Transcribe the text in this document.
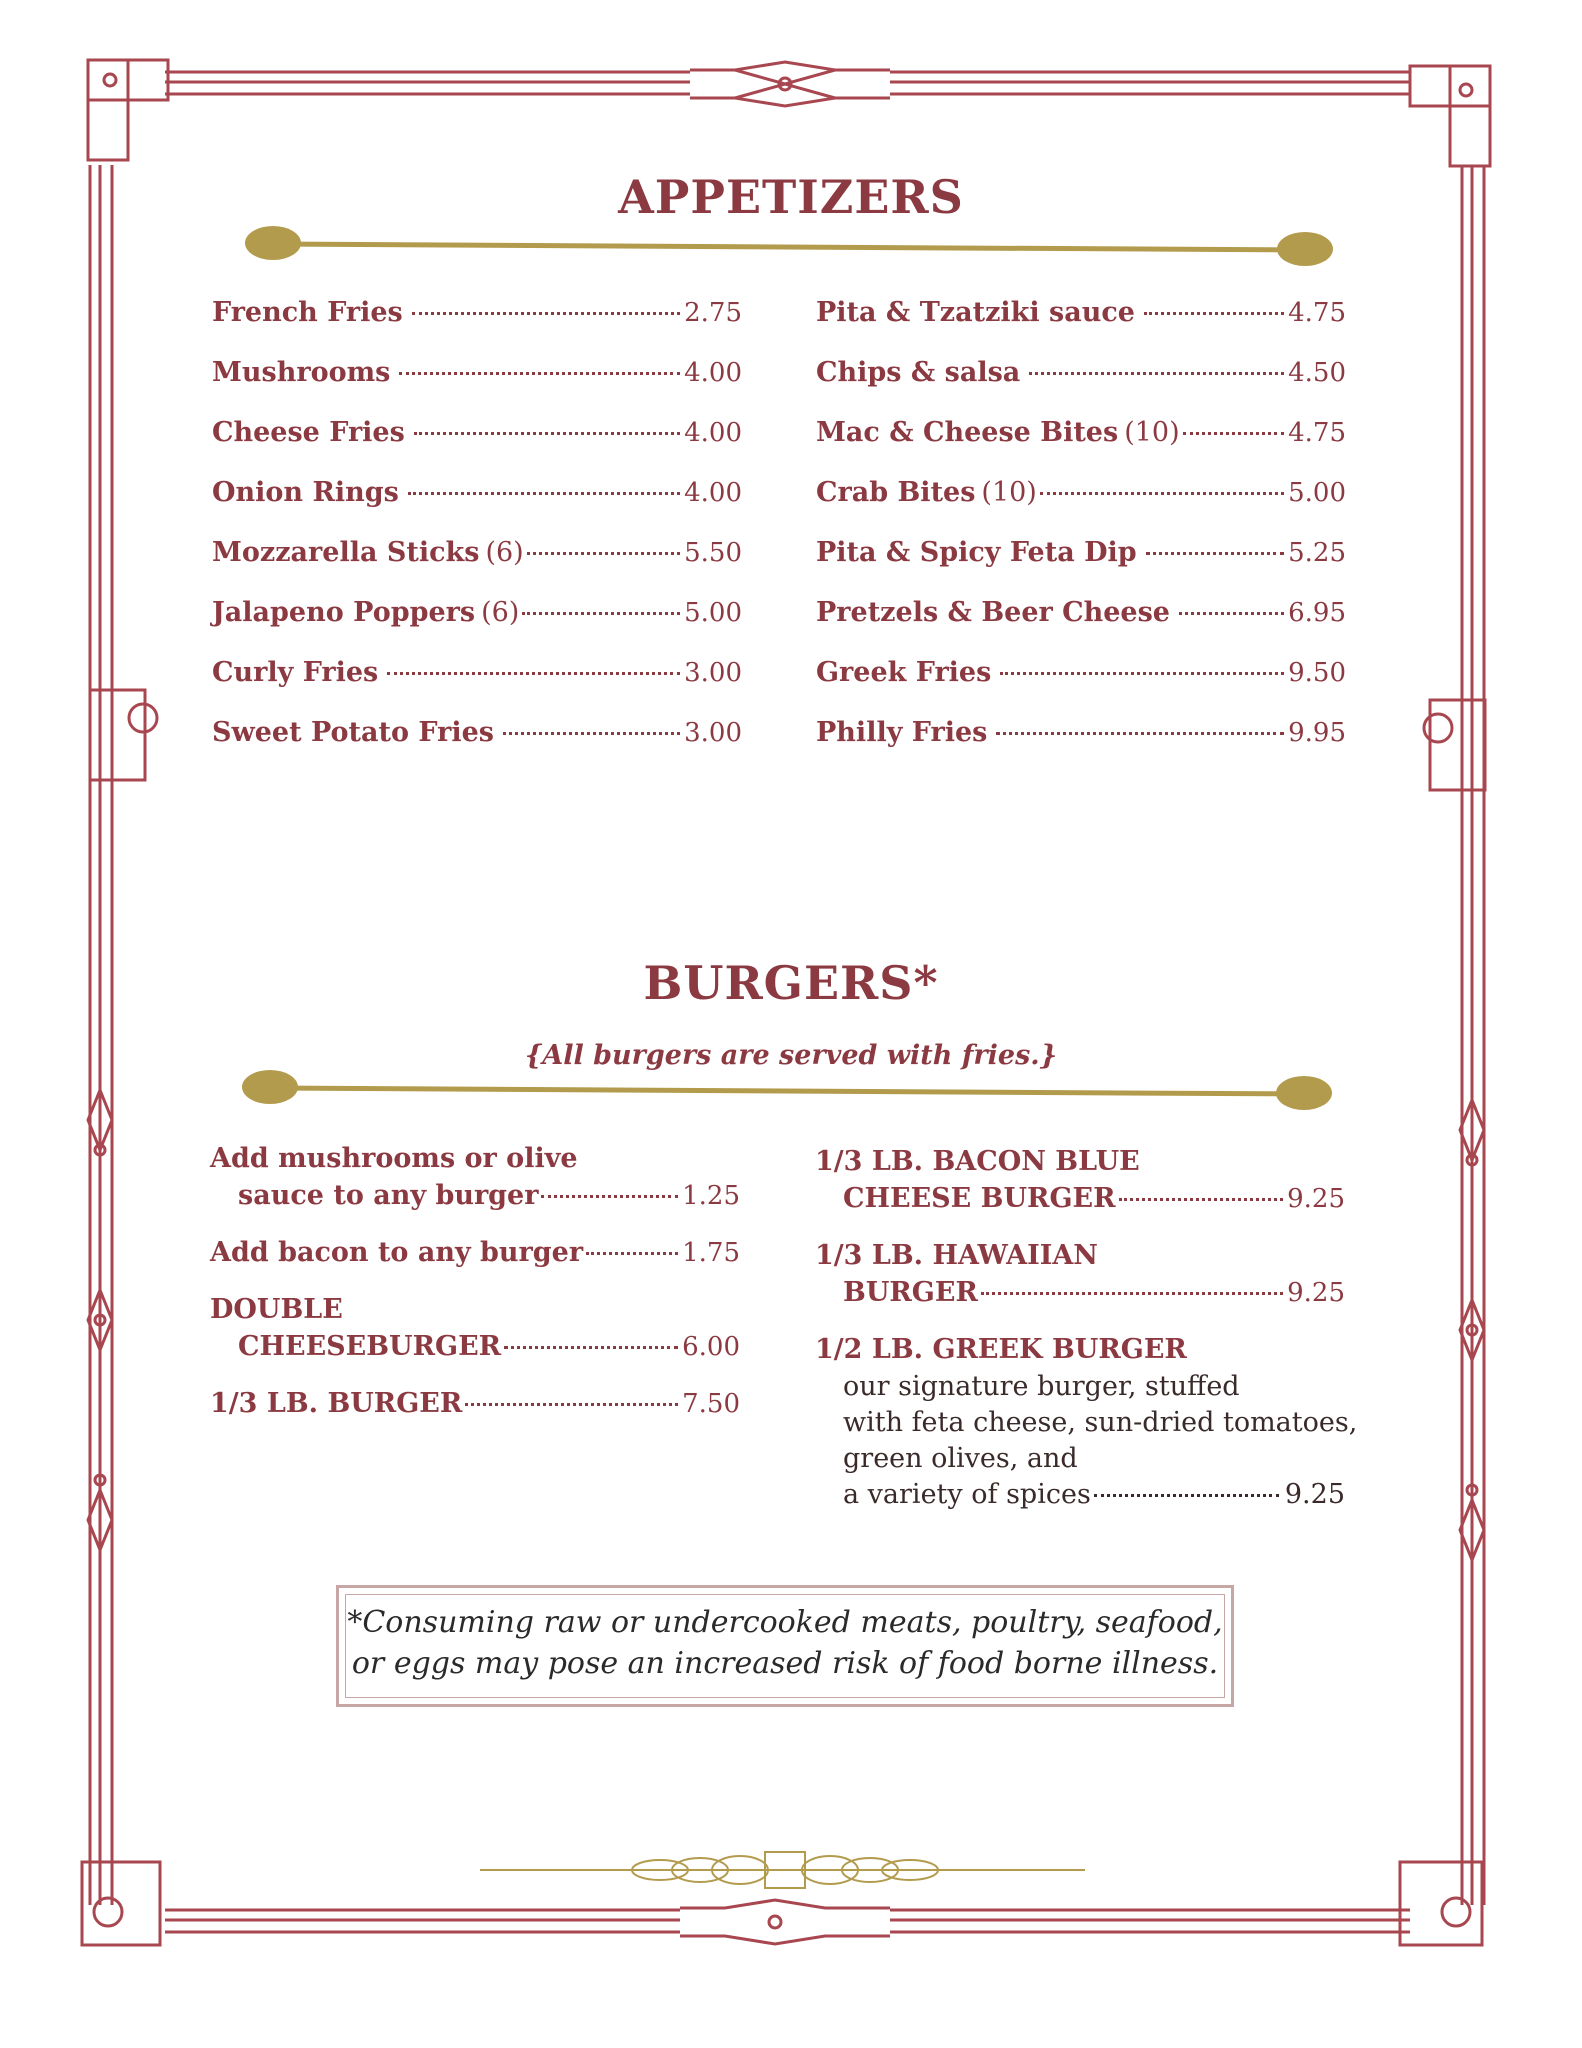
APPETIZERS
French Fries	2.75
Mushrooms	4.00
Cheese Fries	4.00
Onion Rings	4.00
Mozzarella Sticks (6)	5.50
Jalapeno Poppers (6)	5.00
Curly Fries	3.00
Sweet Potato Fries	3.00
Pita & Tzatziki sauce	4.75
Chips & salsa	4.50
Mac & Cheese Bites (10)	4.75
Crab Bites (10)	5.00
Pita & Spicy Feta Dip	5.25
Pretzels & Beer Cheese	6.95
Greek Fries	9.50
Philly Fries	9.95
BURGERS*
{All burgers are served with fries.}
Add mushrooms or olive
sauce to any burger	1.25
Add bacon to any burger	1.75
DOUBLE
CHEESEBURGER	6.00
1/3 LB. BURGER	7.50
1/3 LB. BACON BLUE
CHEESE BURGER	9.25
1/3 LB. HAWAIIAN
BURGER	9.25
1/2 LB. GREEK BURGER
our signature burger, stuffed
with feta cheese, sun-dried tomatoes,
green olives, and
a variety of spices	9.25
*Consuming raw or undercooked meats, poultry, seafood,
or eggs may pose an increased risk of food borne illness.
